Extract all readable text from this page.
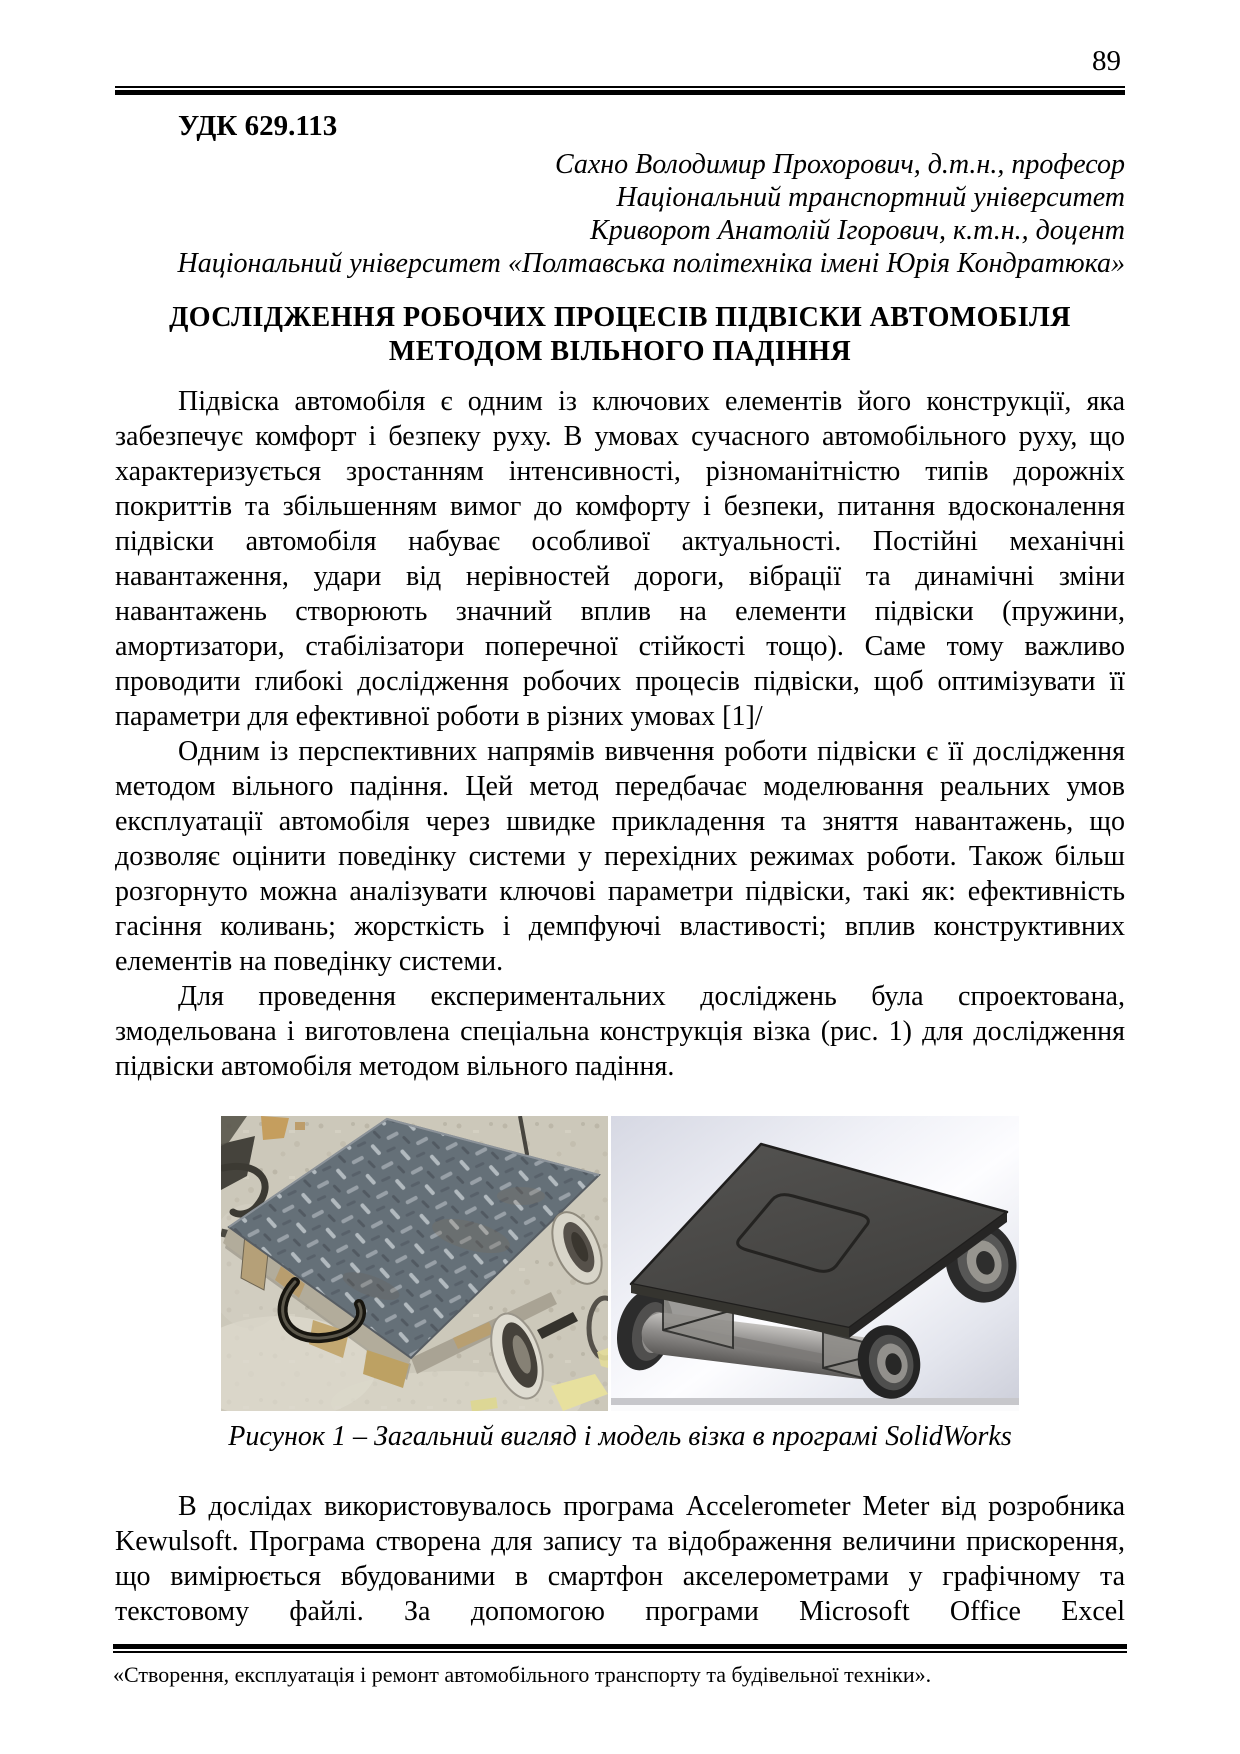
89
УДК 629.113
Сахно Володимир Прохорович, д.т.н., професор
Національний транспортний університет
Криворот Анатолій Ігорович, к.т.н., доцент
Національний університет «Полтавська політехніка імені Юрія Кондратюка»
ДОСЛІДЖЕННЯ РОБОЧИХ ПРОЦЕСІВ ПІДВІСКИ АВТОМОБІЛЯ
МЕТОДОМ ВІЛЬНОГО ПАДІННЯ

Підвіска автомобіля є одним із ключових елементів його конструкції, яка забезпечує комфорт і безпеку руху. В умовах сучасного автомобільного руху, що характеризується зростанням інтенсивності, різноманітністю типів дорожніх покриттів та збільшенням вимог до комфорту і безпеки, питання вдосконалення підвіски автомобіля набуває особливої актуальності. Постійні механічні навантаження, удари від нерівностей дороги, вібрації та динамічні зміни навантажень створюють значний вплив на елементи підвіски (пружини, амортизатори, стабілізатори поперечної стійкості тощо). Саме тому важливо проводити глибокі дослідження робочих процесів підвіски, щоб оптимізувати її параметри для ефективної роботи в різних умовах [1]/

Одним із перспективних напрямів вивчення роботи підвіски є її дослідження методом вільного падіння. Цей метод передбачає моделювання реальних умов експлуатації автомобіля через швидке прикладення та зняття навантажень, що дозволяє оцінити поведінку системи у перехідних режимах роботи. Також більш розгорнуто можна аналізувати ключові параметри підвіски, такі як: ефективність гасіння коливань; жорсткість і демпфуючі властивості; вплив конструктивних елементів на поведінку системи.

Для проведення експериментальних досліджень була спроектована, змодельована і виготовлена спеціальна конструкція візка (рис. 1) для дослідження підвіски автомобіля методом вільного падіння.

Рисунок 1 – Загальний вигляд і модель візка в програмі SolidWorks

В дослідах використовувалось програма Accelerometer Meter від розробника Kewulsoft. Програма створена для запису та відображення величини прискорення, що вимірюється вбудованими в смартфон акселерометрами у графічному та текстовому файлі. За допомогою програми Microsoft Office Excel

«Створення, експлуатація і ремонт автомобільного транспорту та будівельної техніки».
